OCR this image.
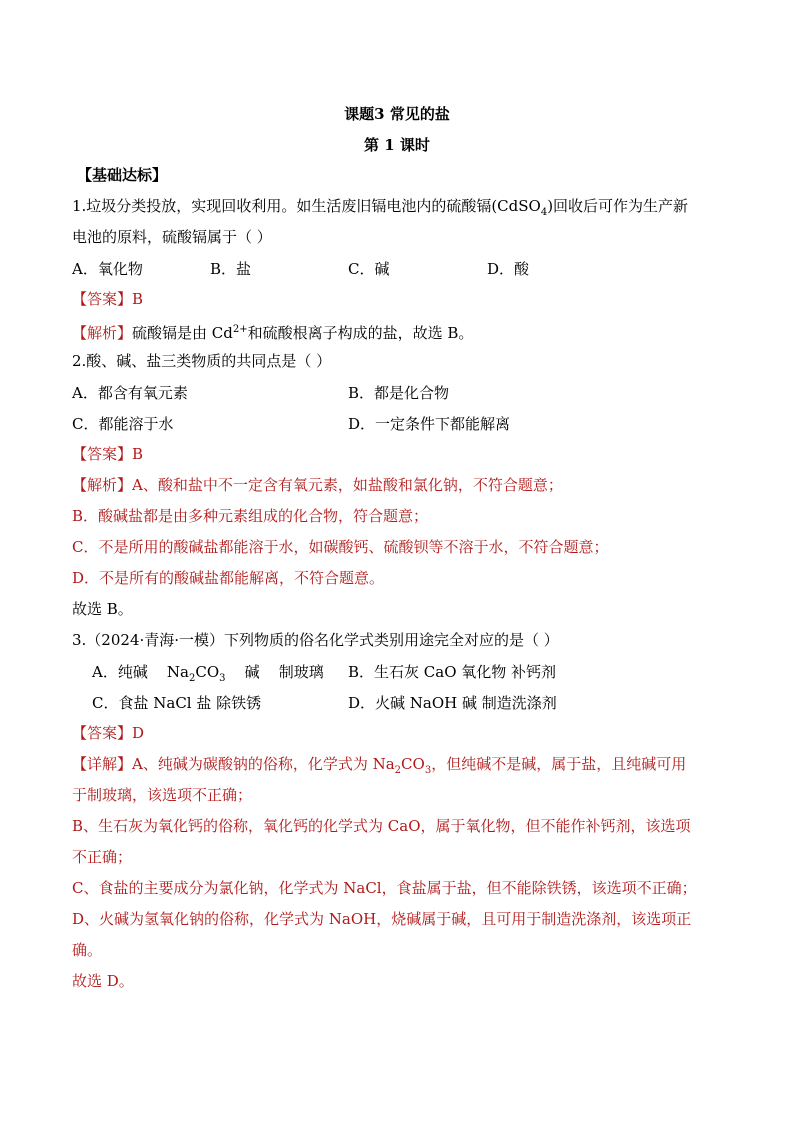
课题3 常见的盐
第 1 课时
【基础达标】
1.垃圾分类投放，实现回收利用。如生活废旧镉电池内的硫酸镉(CdSO$_4$)回收后可作为生产新
电池的原料，硫酸镉属于（ ）
A．氧化物	B．盐	C．碱	D．酸
【答案】B
【解析】硫酸镉是由 $Cd^{2+}$和硫酸根离子构成的盐，故选 B。
2.酸、碱、盐三类物质的共同点是（ ）
A．都含有氧元素	B．都是化合物
C．都能溶于水	D．一定条件下都能解离
【答案】B
【解析】A、酸和盐中不一定含有氧元素，如盐酸和氯化钠，不符合题意；
B．酸碱盐都是由多种元素组成的化合物，符合题意；
C．不是所用的酸碱盐都能溶于水，如碳酸钙、硫酸钡等不溶于水，不符合题意；
D．不是所有的酸碱盐都能解离，不符合题意。
故选 B。
3.（2024·青海·一模）下列物质的俗名化学式类别用途完全对应的是（ ）
A．纯碱 $Na_2CO_3$ 碱 制玻璃 B．生石灰 CaO 氧化物 补钙剂
C．食盐 NaCl 盐 除铁锈	D．火碱 NaOH 碱 制造洗涤剂
【答案】D
【详解】A、纯碱为碳酸钠的俗称，化学式为 $Na_2CO_3$，但纯碱不是碱，属于盐，且纯碱可用
于制玻璃，该选项不正确；
B、生石灰为氧化钙的俗称，氧化钙的化学式为 CaO，属于氧化物，但不能作补钙剂，该选项
不正确；
C、食盐的主要成分为氯化钠，化学式为 NaCl，食盐属于盐，但不能除铁锈，该选项不正确；
D、火碱为氢氧化钠的俗称，化学式为 NaOH，烧碱属于碱，且可用于制造洗涤剂，该选项正
确。
故选 D。
